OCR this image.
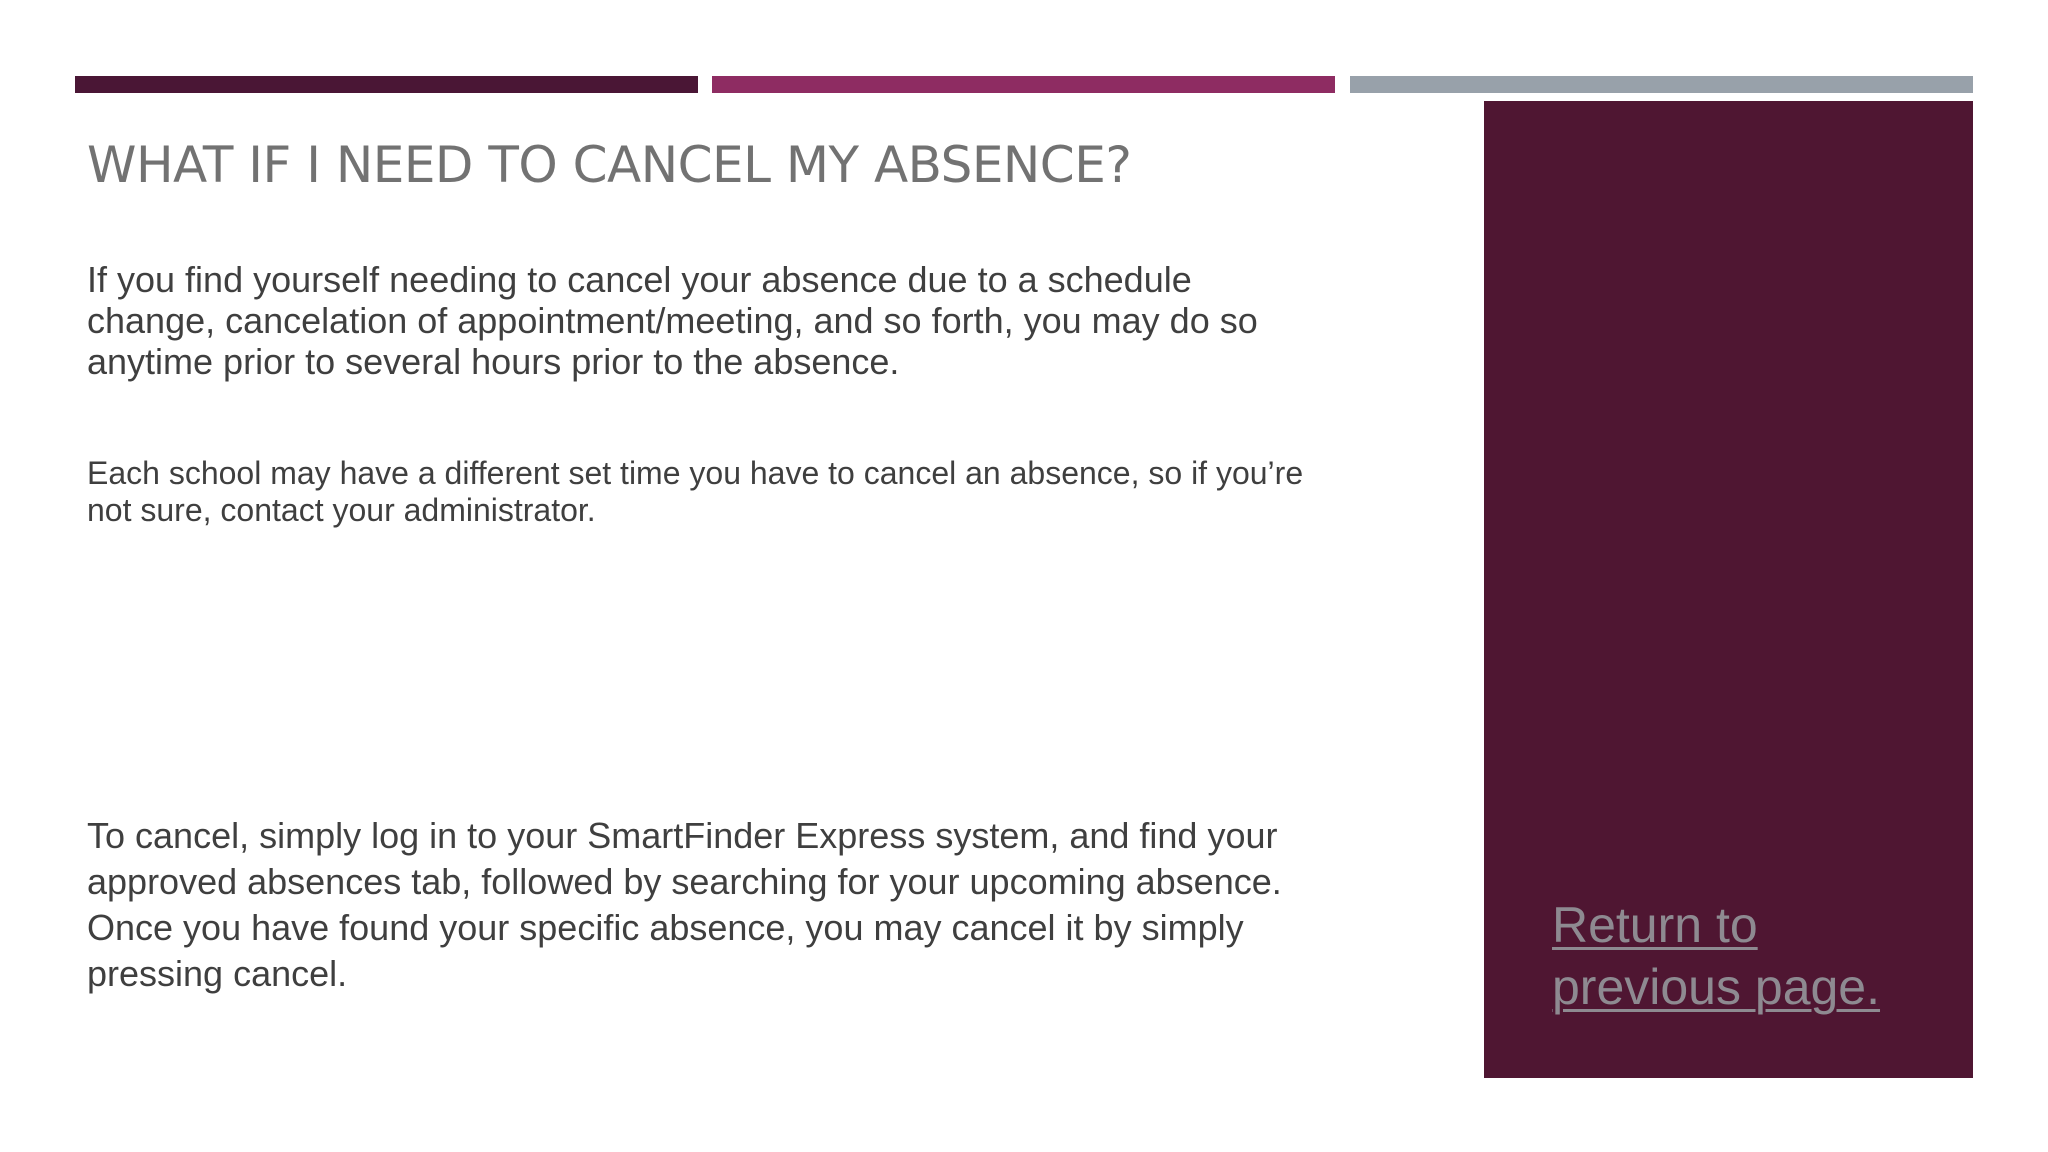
WHAT IF I NEED TO CANCEL MY ABSENCE?

If you find yourself needing to cancel your absence due to a schedule change, cancelation of appointment/meeting, and so forth, you may do so anytime prior to several hours prior to the absence.

Each school may have a different set time you have to cancel an absence, so if you’re not sure, contact your administrator.

To cancel, simply log in to your SmartFinder Express system, and find your approved absences tab, followed by searching for your upcoming absence. Once you have found your specific absence, you may cancel it by simply pressing cancel.

Return to previous page.
